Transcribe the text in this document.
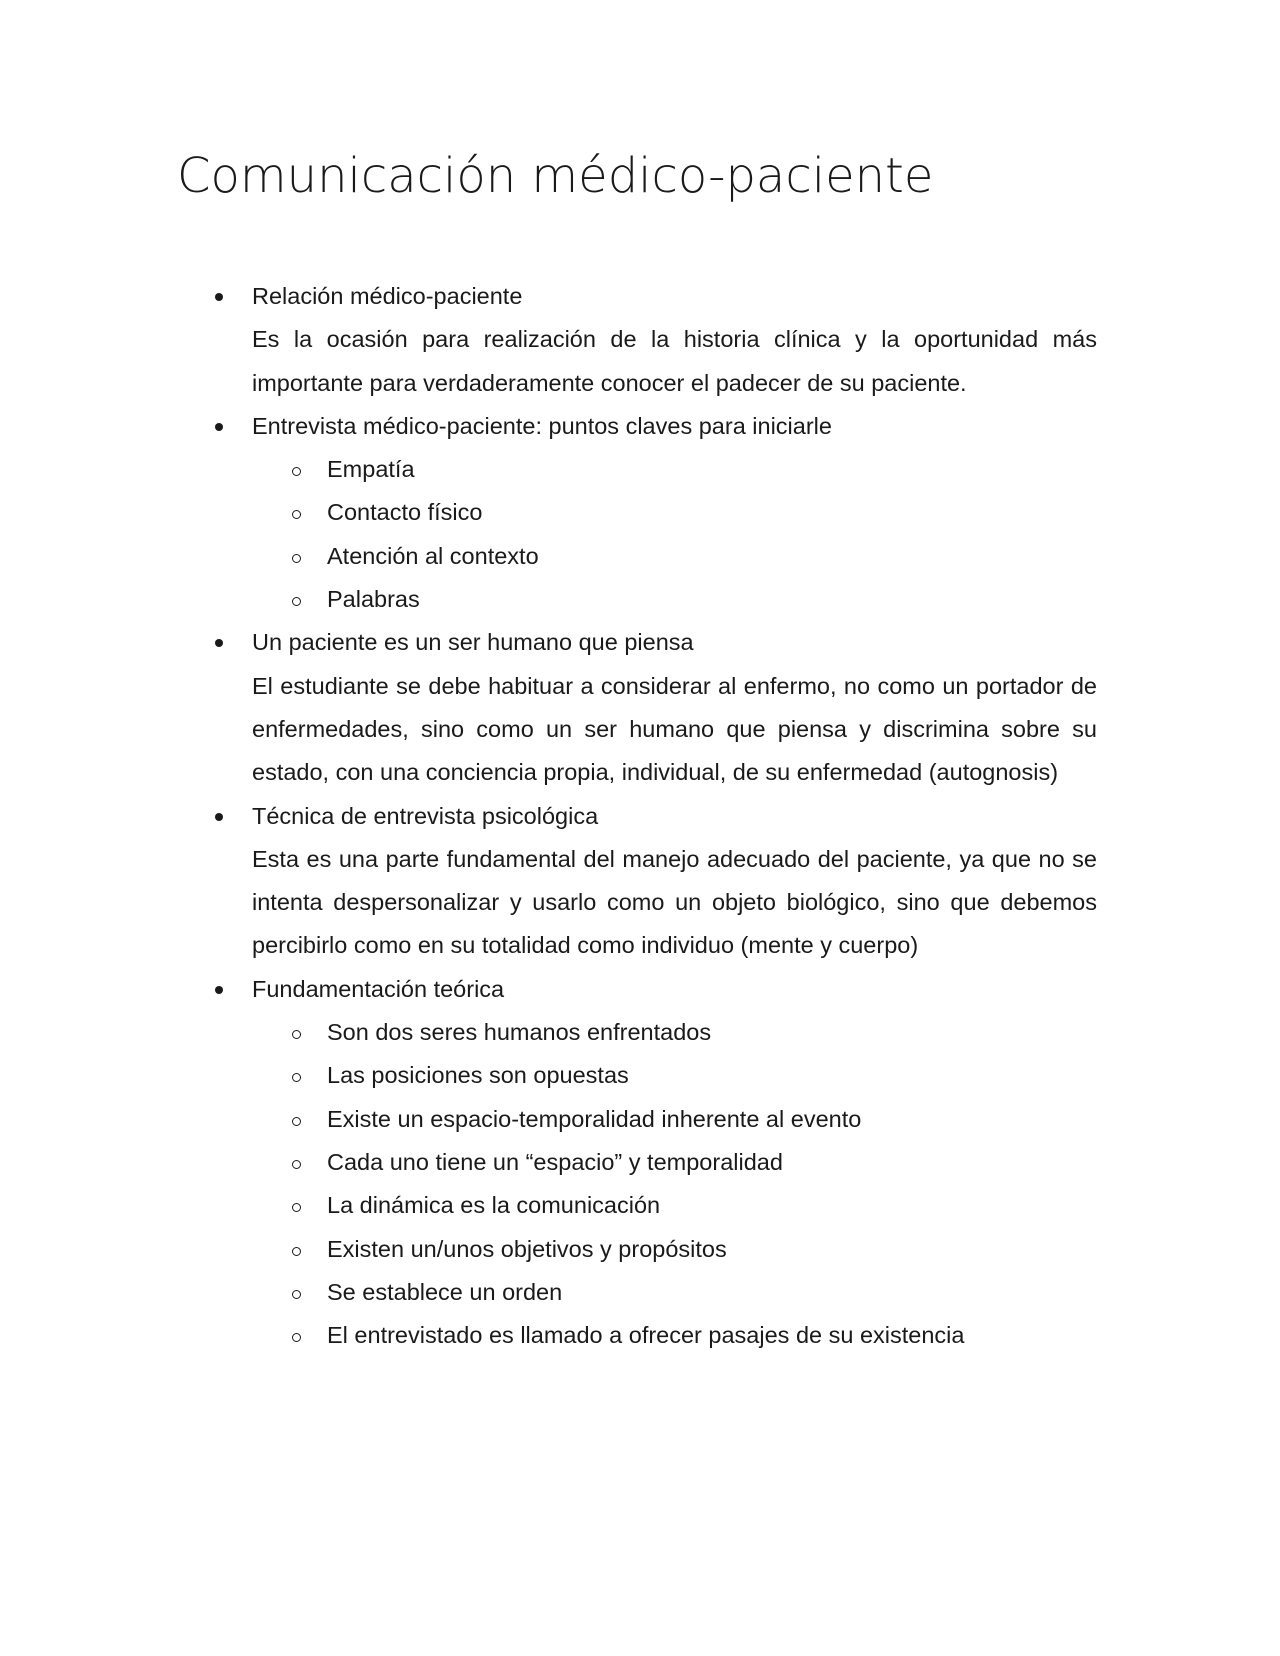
Comunicación médico-paciente
Relación médico-paciente
Es la ocasión para realización de la historia clínica y la oportunidad más importante para verdaderamente conocer el padecer de su paciente.
Entrevista médico-paciente: puntos claves para iniciarle
Empatía
Contacto físico
Atención al contexto
Palabras
Un paciente es un ser humano que piensa
El estudiante se debe habituar a considerar al enfermo, no como un portador de enfermedades, sino como un ser humano que piensa y discrimina sobre su estado, con una conciencia propia, individual, de su enfermedad (autognosis)
Técnica de entrevista psicológica
Esta es una parte fundamental del manejo adecuado del paciente, ya que no se intenta despersonalizar y usarlo como un objeto biológico, sino que debemos percibirlo como en su totalidad como individuo (mente y cuerpo)
Fundamentación teórica
Son dos seres humanos enfrentados
Las posiciones son opuestas
Existe un espacio-temporalidad inherente al evento
Cada uno tiene un “espacio” y temporalidad
La dinámica es la comunicación
Existen un/unos objetivos y propósitos
Se establece un orden
El entrevistado es llamado a ofrecer pasajes de su existencia
